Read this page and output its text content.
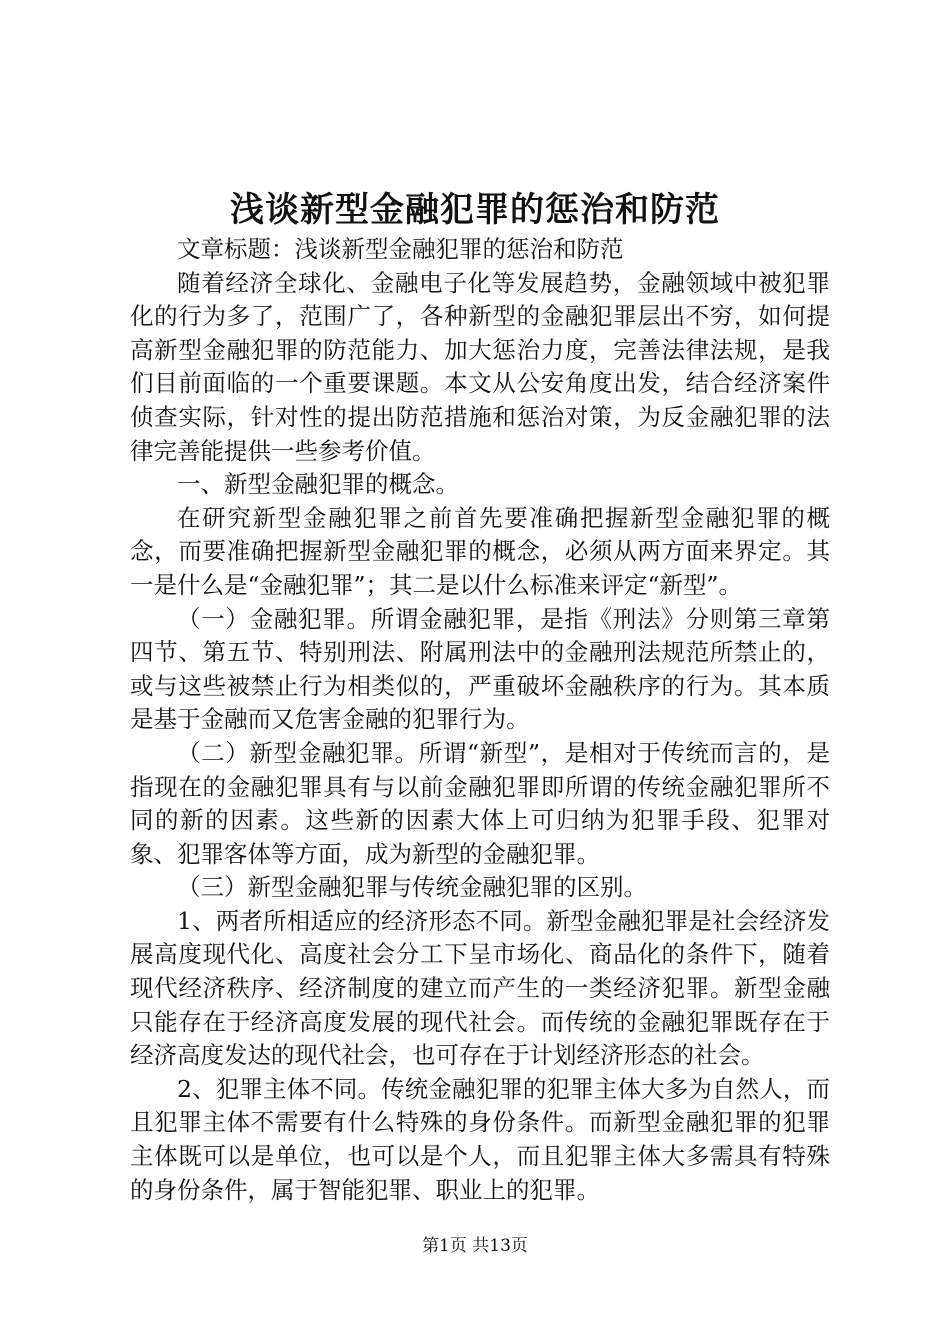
浅谈新型金融犯罪的惩治和防范

文章标题：浅谈新型金融犯罪的惩治和防范

随着经济全球化、金融电子化等发展趋势，金融领域中被犯罪化的行为多了，范围广了，各种新型的金融犯罪层出不穷，如何提高新型金融犯罪的防范能力、加大惩治力度，完善法律法规，是我们目前面临的一个重要课题。本文从公安角度出发，结合经济案件侦查实际，针对性的提出防范措施和惩治对策，为反金融犯罪的法律完善能提供一些参考价值。

一、新型金融犯罪的概念。

在研究新型金融犯罪之前首先要准确把握新型金融犯罪的概念，而要准确把握新型金融犯罪的概念，必须从两方面来界定。其一是什么是“金融犯罪”；其二是以什么标准来评定“新型”。

（一）金融犯罪。所谓金融犯罪，是指《刑法》分则第三章第四节、第五节、特别刑法、附属刑法中的金融刑法规范所禁止的，或与这些被禁止行为相类似的，严重破坏金融秩序的行为。其本质是基于金融而又危害金融的犯罪行为。

（二）新型金融犯罪。所谓“新型”，是相对于传统而言的，是指现在的金融犯罪具有与以前金融犯罪即所谓的传统金融犯罪所不同的新的因素。这些新的因素大体上可归纳为犯罪手段、犯罪对象、犯罪客体等方面，成为新型的金融犯罪。

（三）新型金融犯罪与传统金融犯罪的区别。

1、两者所相适应的经济形态不同。新型金融犯罪是社会经济发展高度现代化、高度社会分工下呈市场化、商品化的条件下，随着现代经济秩序、经济制度的建立而产生的一类经济犯罪。新型金融只能存在于经济高度发展的现代社会。而传统的金融犯罪既存在于经济高度发达的现代社会，也可存在于计划经济形态的社会。

2、犯罪主体不同。传统金融犯罪的犯罪主体大多为自然人，而且犯罪主体不需要有什么特殊的身份条件。而新型金融犯罪的犯罪主体既可以是单位，也可以是个人，而且犯罪主体大多需具有特殊的身份条件，属于智能犯罪、职业上的犯罪。

第1页 共13页
